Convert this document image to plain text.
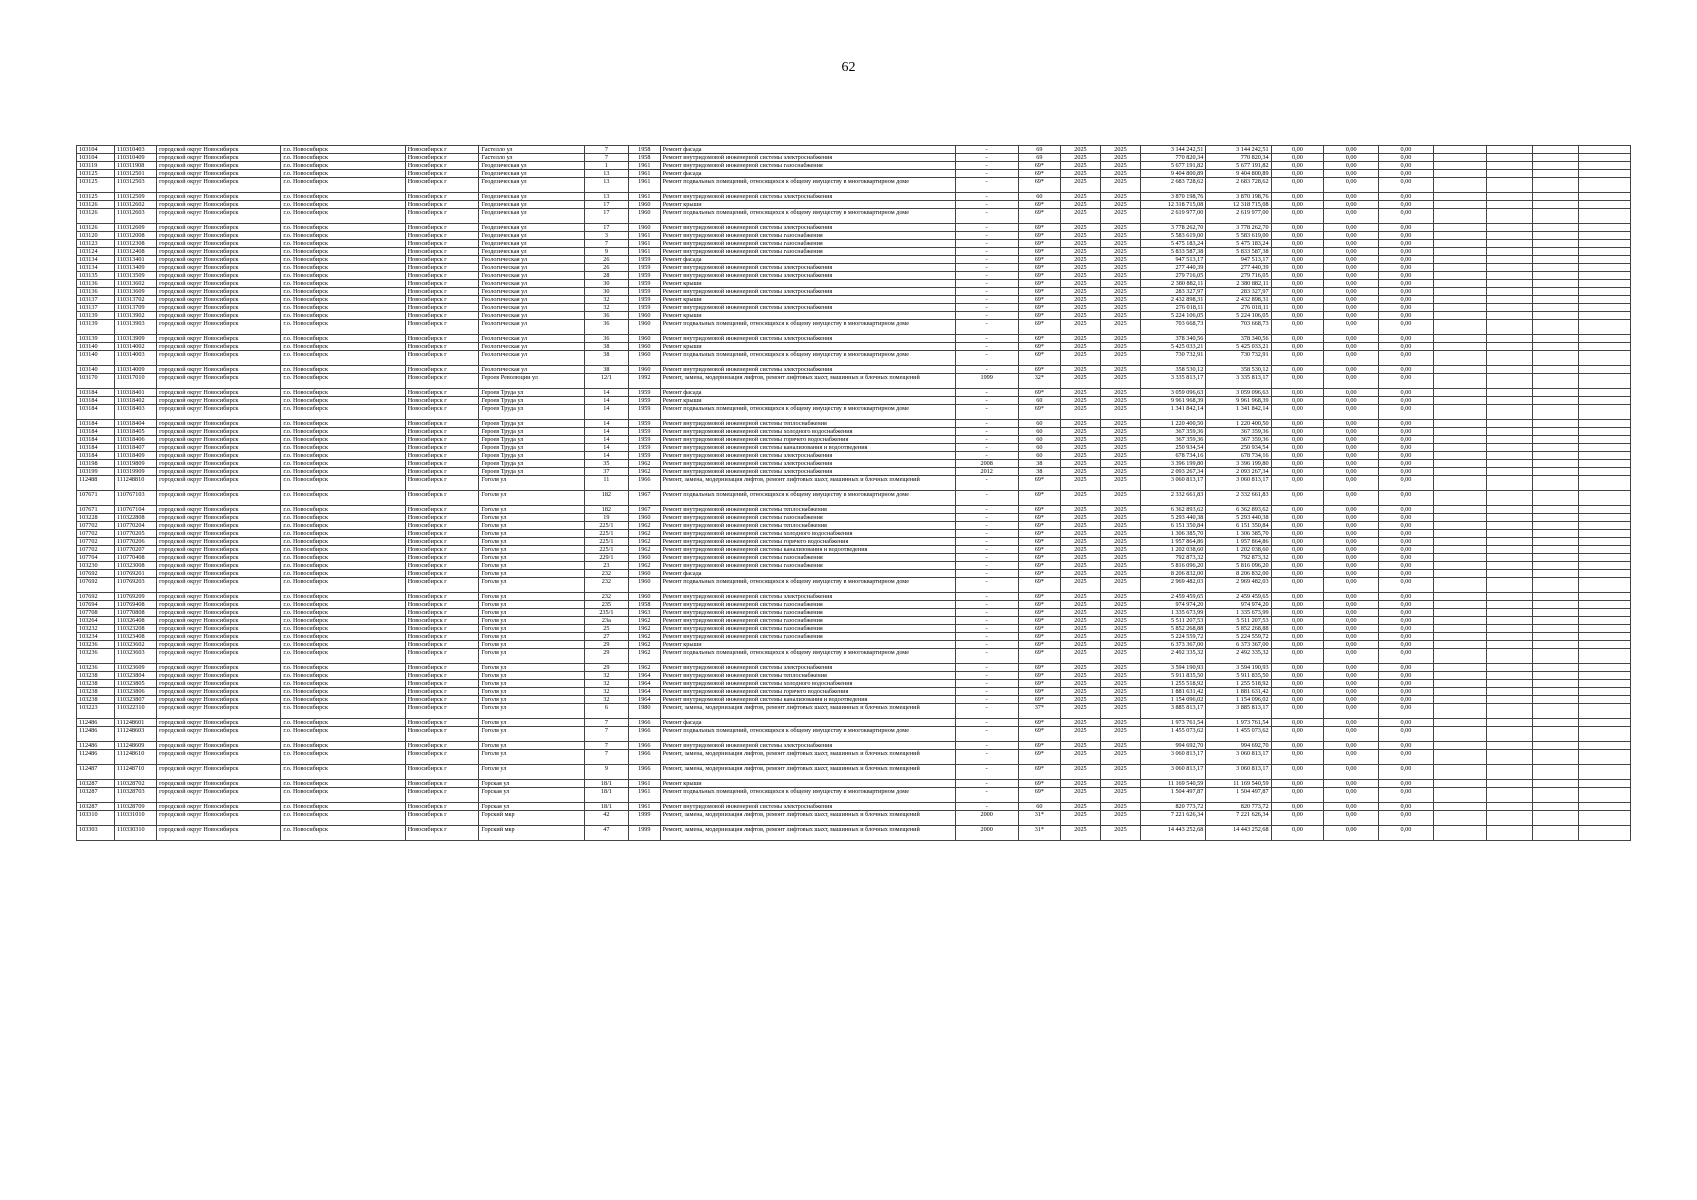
62
103104	110310403	городской округ Новосибирск	г.о. Новосибирск	Новосибирск г	Гастелло ул	7	1958	Ремонт фасада	-	69	2025	2025	3 144 242,51	3 144 242,51	0,00	0,00	0,00				
103104	110310409	городской округ Новосибирск	г.о. Новосибирск	Новосибирск г	Гастелло ул	7	1958	Ремонт внутридомовой инженерной системы электроснабжения	-	69	2025	2025	770 820,34	770 820,34	0,00	0,00	0,00				
103119	110311908	городской округ Новосибирск	г.о. Новосибирск	Новосибирск г	Геодезическая ул	1	1961	Ремонт внутридомовой инженерной системы газоснабжения	-	69*	2025	2025	5 677 191,82	5 677 191,82	0,00	0,00	0,00				
103125	110312501	городской округ Новосибирск	г.о. Новосибирск	Новосибирск г	Геодезическая ул	13	1961	Ремонт фасада	-	69*	2025	2025	9 404 800,89	9 404 800,89	0,00	0,00	0,00				
103125	110312503	городской округ Новосибирск	г.о. Новосибирск	Новосибирск г	Геодезическая ул	13	1961	Ремонт подвальных помещений, относящихся к общему имуществу в многоквартирном доме	-	69*	2025	2025	2 683 728,62	2 683 728,62	0,00	0,00	0,00				
103125	110312509	городской округ Новосибирск	г.о. Новосибирск	Новосибирск г	Геодезическая ул	13	1961	Ремонт внутридомовой инженерной системы электроснабжения	-	60	2025	2025	3 870 198,76	3 870 198,76	0,00	0,00	0,00				
103126	110312602	городской округ Новосибирск	г.о. Новосибирск	Новосибирск г	Геодезическая ул	17	1960	Ремонт крыши	-	69*	2025	2025	12 318 715,08	12 318 715,08	0,00	0,00	0,00				
103126	110312603	городской округ Новосибирск	г.о. Новосибирск	Новосибирск г	Геодезическая ул	17	1960	Ремонт подвальных помещений, относящихся к общему имуществу в многоквартирном доме	-	69*	2025	2025	2 619 977,00	2 619 977,00	0,00	0,00	0,00				
103126	110312609	городской округ Новосибирск	г.о. Новосибирск	Новосибирск г	Геодезическая ул	17	1960	Ремонт внутридомовой инженерной системы электроснабжения	-	69*	2025	2025	3 778 262,70	3 778 262,70	0,00	0,00	0,00				
103120	110312008	городской округ Новосибирск	г.о. Новосибирск	Новосибирск г	Геодезическая ул	3	1961	Ремонт внутридомовой инженерной системы газоснабжения	-	69*	2025	2025	5 583 619,00	5 583 619,00	0,00	0,00	0,00				
103123	110312308	городской округ Новосибирск	г.о. Новосибирск	Новосибирск г	Геодезическая ул	7	1961	Ремонт внутридомовой инженерной системы газоснабжения	-	69*	2025	2025	5 475 183,24	5 475 183,24	0,00	0,00	0,00				
103124	110312408	городской округ Новосибирск	г.о. Новосибирск	Новосибирск г	Геодезическая ул	9	1961	Ремонт внутридомовой инженерной системы газоснабжения	-	69*	2025	2025	5 833 587,38	5 833 587,38	0,00	0,00	0,00				
103134	110313401	городской округ Новосибирск	г.о. Новосибирск	Новосибирск г	Геологическая ул	26	1959	Ремонт фасада	-	69*	2025	2025	947 513,17	947 513,17	0,00	0,00	0,00				
103134	110313409	городской округ Новосибирск	г.о. Новосибирск	Новосибирск г	Геологическая ул	26	1959	Ремонт внутридомовой инженерной системы электроснабжения	-	69*	2025	2025	277 440,39	277 440,39	0,00	0,00	0,00				
103135	110313509	городской округ Новосибирск	г.о. Новосибирск	Новосибирск г	Геологическая ул	28	1959	Ремонт внутридомовой инженерной системы электроснабжения	-	69*	2025	2025	279 716,05	279 716,05	0,00	0,00	0,00				
103136	110313602	городской округ Новосибирск	г.о. Новосибирск	Новосибирск г	Геологическая ул	30	1959	Ремонт крыши	-	69*	2025	2025	2 380 882,11	2 380 882,11	0,00	0,00	0,00				
103136	110313609	городской округ Новосибирск	г.о. Новосибирск	Новосибирск г	Геологическая ул	30	1959	Ремонт внутридомовой инженерной системы электроснабжения	-	69*	2025	2025	283 327,97	283 327,97	0,00	0,00	0,00				
103137	110313702	городской округ Новосибирск	г.о. Новосибирск	Новосибирск г	Геологическая ул	32	1959	Ремонт крыши	-	69*	2025	2025	2 432 898,31	2 432 898,31	0,00	0,00	0,00				
103137	110313709	городской округ Новосибирск	г.о. Новосибирск	Новосибирск г	Геологическая ул	32	1959	Ремонт внутридомовой инженерной системы электроснабжения	-	69*	2025	2025	276 018,11	276 018,11	0,00	0,00	0,00				
103139	110313902	городской округ Новосибирск	г.о. Новосибирск	Новосибирск г	Геологическая ул	36	1960	Ремонт крыши	-	69*	2025	2025	5 224 106,05	5 224 106,05	0,00	0,00	0,00				
103139	110313903	городской округ Новосибирск	г.о. Новосибирск	Новосибирск г	Геологическая ул	36	1960	Ремонт подвальных помещений, относящихся к общему имуществу в многоквартирном доме	-	69*	2025	2025	703 668,73	703 668,73	0,00	0,00	0,00				
103139	110313909	городской округ Новосибирск	г.о. Новосибирск	Новосибирск г	Геологическая ул	36	1960	Ремонт внутридомовой инженерной системы электроснабжения	-	69*	2025	2025	378 340,56	378 340,56	0,00	0,00	0,00				
103140	110314002	городской округ Новосибирск	г.о. Новосибирск	Новосибирск г	Геологическая ул	38	1960	Ремонт крыши	-	69*	2025	2025	5 425 033,21	5 425 033,21	0,00	0,00	0,00				
103140	110314003	городской округ Новосибирск	г.о. Новосибирск	Новосибирск г	Геологическая ул	38	1960	Ремонт подвальных помещений, относящихся к общему имуществу в многоквартирном доме	-	69*	2025	2025	730 732,91	730 732,91	0,00	0,00	0,00				
103140	110314009	городской округ Новосибирск	г.о. Новосибирск	Новосибирск г	Геологическая ул	38	1960	Ремонт внутридомовой инженерной системы электроснабжения	-	69*	2025	2025	358 530,12	358 530,12	0,00	0,00	0,00				
103170	110317010	городской округ Новосибирск	г.о. Новосибирск	Новосибирск г	Героев Революции ул	12/1	1992	Ремонт, замена, модернизация лифтов, ремонт лифтовых шахт, машинных и блочных помещений	1999	32*	2025	2025	3 335 813,17	3 335 813,17	0,00	0,00	0,00				
103184	110318401	городской округ Новосибирск	г.о. Новосибирск	Новосибирск г	Героев Труда ул	14	1959	Ремонт фасада	-	69*	2025	2025	3 059 096,63	3 059 096,63	0,00	0,00	0,00				
103184	110318402	городской округ Новосибирск	г.о. Новосибирск	Новосибирск г	Героев Труда ул	14	1959	Ремонт крыши	-	60	2025	2025	9 961 968,39	9 961 968,39	0,00	0,00	0,00				
103184	110318403	городской округ Новосибирск	г.о. Новосибирск	Новосибирск г	Героев Труда ул	14	1959	Ремонт подвальных помещений, относящихся к общему имуществу в многоквартирном доме	-	69*	2025	2025	1 341 842,14	1 341 842,14	0,00	0,00	0,00				
103184	110318404	городской округ Новосибирск	г.о. Новосибирск	Новосибирск г	Героев Труда ул	14	1959	Ремонт внутридомовой инженерной системы теплоснабжения	-	60	2025	2025	1 220 400,50	1 220 400,50	0,00	0,00	0,00				
103184	110318405	городской округ Новосибирск	г.о. Новосибирск	Новосибирск г	Героев Труда ул	14	1959	Ремонт внутридомовой инженерной системы холодного водоснабжения	-	60	2025	2025	367 359,36	367 359,36	0,00	0,00	0,00				
103184	110318406	городской округ Новосибирск	г.о. Новосибирск	Новосибирск г	Героев Труда ул	14	1959	Ремонт внутридомовой инженерной системы горячего водоснабжения	-	60	2025	2025	367 359,36	367 359,36	0,00	0,00	0,00				
103184	110318407	городской округ Новосибирск	г.о. Новосибирск	Новосибирск г	Героев Труда ул	14	1959	Ремонт внутридомовой инженерной системы канализования и водоотведения	-	60	2025	2025	250 934,54	250 934,54	0,00	0,00	0,00				
103184	110318409	городской округ Новосибирск	г.о. Новосибирск	Новосибирск г	Героев Труда ул	14	1959	Ремонт внутридомовой инженерной системы электроснабжения	-	60	2025	2025	678 734,16	678 734,16	0,00	0,00	0,00				
103198	110319809	городской округ Новосибирск	г.о. Новосибирск	Новосибирск г	Героев Труда ул	35	1962	Ремонт внутридомовой инженерной системы электроснабжения	2008	38	2025	2025	3 396 199,80	3 396 199,80	0,00	0,00	0,00				
103199	110319909	городской округ Новосибирск	г.о. Новосибирск	Новосибирск г	Героев Труда ул	37	1962	Ремонт внутридомовой инженерной системы электроснабжения	2012	38	2025	2025	2 093 267,34	2 093 267,34	0,00	0,00	0,00				
112488	111248810	городской округ Новосибирск	г.о. Новосибирск	Новосибирск г	Гоголя ул	11	1966	Ремонт, замена, модернизация лифтов, ремонт лифтовых шахт, машинных и блочных помещений	-	69*	2025	2025	3 060 813,17	3 060 813,17	0,00	0,00	0,00				
107671	110767103	городской округ Новосибирск	г.о. Новосибирск	Новосибирск г	Гоголя ул	182	1967	Ремонт подвальных помещений, относящихся к общему имуществу в многоквартирном доме	-	69*	2025	2025	2 332 661,83	2 332 661,83	0,00	0,00	0,00				
107671	110767104	городской округ Новосибирск	г.о. Новосибирск	Новосибирск г	Гоголя ул	182	1967	Ремонт внутридомовой инженерной системы теплоснабжения	-	69*	2025	2025	6 362 893,62	6 362 893,62	0,00	0,00	0,00				
103228	110322808	городской округ Новосибирск	г.о. Новосибирск	Новосибирск г	Гоголя ул	19	1960	Ремонт внутридомовой инженерной системы газоснабжения	-	69*	2025	2025	5 293 440,38	5 293 440,38	0,00	0,00	0,00				
107702	110770204	городской округ Новосибирск	г.о. Новосибирск	Новосибирск г	Гоголя ул	225/1	1962	Ремонт внутридомовой инженерной системы теплоснабжения	-	69*	2025	2025	6 151 350,84	6 151 350,84	0,00	0,00	0,00				
107702	110770205	городской округ Новосибирск	г.о. Новосибирск	Новосибирск г	Гоголя ул	225/1	1962	Ремонт внутридомовой инженерной системы холодного водоснабжения	-	69*	2025	2025	1 306 385,70	1 306 385,70	0,00	0,00	0,00				
107702	110770206	городской округ Новосибирск	г.о. Новосибирск	Новосибирск г	Гоголя ул	225/1	1962	Ремонт внутридомовой инженерной системы горячего водоснабжения	-	69*	2025	2025	1 957 864,86	1 957 864,86	0,00	0,00	0,00				
107702	110770207	городской округ Новосибирск	г.о. Новосибирск	Новосибирск г	Гоголя ул	225/1	1962	Ремонт внутридомовой инженерной системы канализования и водоотведения	-	69*	2025	2025	1 202 038,60	1 202 038,60	0,00	0,00	0,00				
107704	110770408	городской округ Новосибирск	г.о. Новосибирск	Новосибирск г	Гоголя ул	229/1	1960	Ремонт внутридомовой инженерной системы газоснабжения	-	69*	2025	2025	792 873,32	792 873,32	0,00	0,00	0,00				
103230	110323008	городской округ Новосибирск	г.о. Новосибирск	Новосибирск г	Гоголя ул	23	1962	Ремонт внутридомовой инженерной системы газоснабжения	-	69*	2025	2025	5 816 096,20	5 816 096,20	0,00	0,00	0,00				
107692	110769201	городской округ Новосибирск	г.о. Новосибирск	Новосибирск г	Гоголя ул	232	1960	Ремонт фасада	-	69*	2025	2025	8 206 832,00	8 206 832,00	0,00	0,00	0,00				
107692	110769203	городской округ Новосибирск	г.о. Новосибирск	Новосибирск г	Гоголя ул	232	1960	Ремонт подвальных помещений, относящихся к общему имуществу в многоквартирном доме	-	69*	2025	2025	2 969 482,03	2 969 482,03	0,00	0,00	0,00				
107692	110769209	городской округ Новосибирск	г.о. Новосибирск	Новосибирск г	Гоголя ул	232	1960	Ремонт внутридомовой инженерной системы электроснабжения	-	69*	2025	2025	2 459 459,65	2 459 459,65	0,00	0,00	0,00				
107694	110769408	городской округ Новосибирск	г.о. Новосибирск	Новосибирск г	Гоголя ул	235	1958	Ремонт внутридомовой инженерной системы газоснабжения	-	69*	2025	2025	974 974,20	974 974,20	0,00	0,00	0,00				
107708	110770808	городской округ Новосибирск	г.о. Новосибирск	Новосибирск г	Гоголя ул	235/1	1963	Ремонт внутридомовой инженерной системы газоснабжения	-	69*	2025	2025	1 335 673,99	1 335 673,99	0,00	0,00	0,00				
103264	110326408	городской округ Новосибирск	г.о. Новосибирск	Новосибирск г	Гоголя ул	23а	1962	Ремонт внутридомовой инженерной системы газоснабжения	-	69*	2025	2025	5 511 207,53	5 511 207,53	0,00	0,00	0,00				
103232	110323208	городской округ Новосибирск	г.о. Новосибирск	Новосибирск г	Гоголя ул	25	1962	Ремонт внутридомовой инженерной системы газоснабжения	-	69*	2025	2025	5 852 268,88	5 852 268,88	0,00	0,00	0,00				
103234	110323408	городской округ Новосибирск	г.о. Новосибирск	Новосибирск г	Гоголя ул	27	1962	Ремонт внутридомовой инженерной системы газоснабжения	-	69*	2025	2025	5 224 559,72	5 224 559,72	0,00	0,00	0,00				
103236	110323602	городской округ Новосибирск	г.о. Новосибирск	Новосибирск г	Гоголя ул	29	1962	Ремонт крыши	-	69*	2025	2025	6 373 367,00	6 373 367,00	0,00	0,00	0,00				
103236	110323603	городской округ Новосибирск	г.о. Новосибирск	Новосибирск г	Гоголя ул	29	1962	Ремонт подвальных помещений, относящихся к общему имуществу в многоквартирном доме	-	69*	2025	2025	2 492 335,32	2 492 335,32	0,00	0,00	0,00				
103236	110323609	городской округ Новосибирск	г.о. Новосибирск	Новосибирск г	Гоголя ул	29	1962	Ремонт внутридомовой инженерной системы электроснабжения	-	69*	2025	2025	3 594 190,93	3 594 190,93	0,00	0,00	0,00				
103238	110323804	городской округ Новосибирск	г.о. Новосибирск	Новосибирск г	Гоголя ул	32	1964	Ремонт внутридомовой инженерной системы теплоснабжения	-	69*	2025	2025	5 911 835,50	5 911 835,50	0,00	0,00	0,00				
103238	110323805	городской округ Новосибирск	г.о. Новосибирск	Новосибирск г	Гоголя ул	32	1964	Ремонт внутридомовой инженерной системы холодного водоснабжения	-	69*	2025	2025	1 255 518,92	1 255 518,92	0,00	0,00	0,00				
103238	110323806	городской округ Новосибирск	г.о. Новосибирск	Новосибирск г	Гоголя ул	32	1964	Ремонт внутридомовой инженерной системы горячего водоснабжения	-	69*	2025	2025	1 881 631,42	1 881 631,42	0,00	0,00	0,00				
103238	110323807	городской округ Новосибирск	г.о. Новосибирск	Новосибирск г	Гоголя ул	32	1964	Ремонт внутридомовой инженерной системы канализования и водоотведения	-	69*	2025	2025	1 154 096,02	1 154 096,02	0,00	0,00	0,00				
103223	110322310	городской округ Новосибирск	г.о. Новосибирск	Новосибирск г	Гоголя ул	6	1980	Ремонт, замена, модернизация лифтов, ремонт лифтовых шахт, машинных и блочных помещений	-	37*	2025	2025	3 885 813,17	3 885 813,17	0,00	0,00	0,00				
112486	111248601	городской округ Новосибирск	г.о. Новосибирск	Новосибирск г	Гоголя ул	7	1966	Ремонт фасада	-	69*	2025	2025	1 973 761,54	1 973 761,54	0,00	0,00	0,00				
112486	111248603	городской округ Новосибирск	г.о. Новосибирск	Новосибирск г	Гоголя ул	7	1966	Ремонт подвальных помещений, относящихся к общему имуществу в многоквартирном доме	-	69*	2025	2025	1 455 073,62	1 455 073,62	0,00	0,00	0,00				
112486	111248609	городской округ Новосибирск	г.о. Новосибирск	Новосибирск г	Гоголя ул	7	1966	Ремонт внутридомовой инженерной системы электроснабжения	-	69*	2025	2025	994 692,70	994 692,70	0,00	0,00	0,00				
112486	111248610	городской округ Новосибирск	г.о. Новосибирск	Новосибирск г	Гоголя ул	7	1966	Ремонт, замена, модернизация лифтов, ремонт лифтовых шахт, машинных и блочных помещений	-	69*	2025	2025	3 060 813,17	3 060 813,17	0,00	0,00	0,00				
112487	111248710	городской округ Новосибирск	г.о. Новосибирск	Новосибирск г	Гоголя ул	9	1966	Ремонт, замена, модернизация лифтов, ремонт лифтовых шахт, машинных и блочных помещений	-	69*	2025	2025	3 060 813,17	3 060 813,17	0,00	0,00	0,00				
103287	110328702	городской округ Новосибирск	г.о. Новосибирск	Новосибирск г	Горская ул	18/1	1961	Ремонт крыши	-	69*	2025	2025	11 169 540,59	11 169 540,59	0,00	0,00	0,00				
103287	110328703	городской округ Новосибирск	г.о. Новосибирск	Новосибирск г	Горская ул	18/1	1961	Ремонт подвальных помещений, относящихся к общему имуществу в многоквартирном доме	-	69*	2025	2025	1 504 497,87	1 504 497,87	0,00	0,00	0,00				
103287	110328709	городской округ Новосибирск	г.о. Новосибирск	Новосибирск г	Горская ул	18/1	1961	Ремонт внутридомовой инженерной системы электроснабжения	-	60	2025	2025	820 773,72	820 773,72	0,00	0,00	0,00				
103310	110331010	городской округ Новосибирск	г.о. Новосибирск	Новосибирск г	Горский мкр	42	1999	Ремонт, замена, модернизация лифтов, ремонт лифтовых шахт, машинных и блочных помещений	2000	31*	2025	2025	7 221 626,34	7 221 626,34	0,00	0,00	0,00				
103303	110330310	городской округ Новосибирск	г.о. Новосибирск	Новосибирск г	Горский мкр	47	1999	Ремонт, замена, модернизация лифтов, ремонт лифтовых шахт, машинных и блочных помещений	2000	31*	2025	2025	14 443 252,68	14 443 252,68	0,00	0,00	0,00				
